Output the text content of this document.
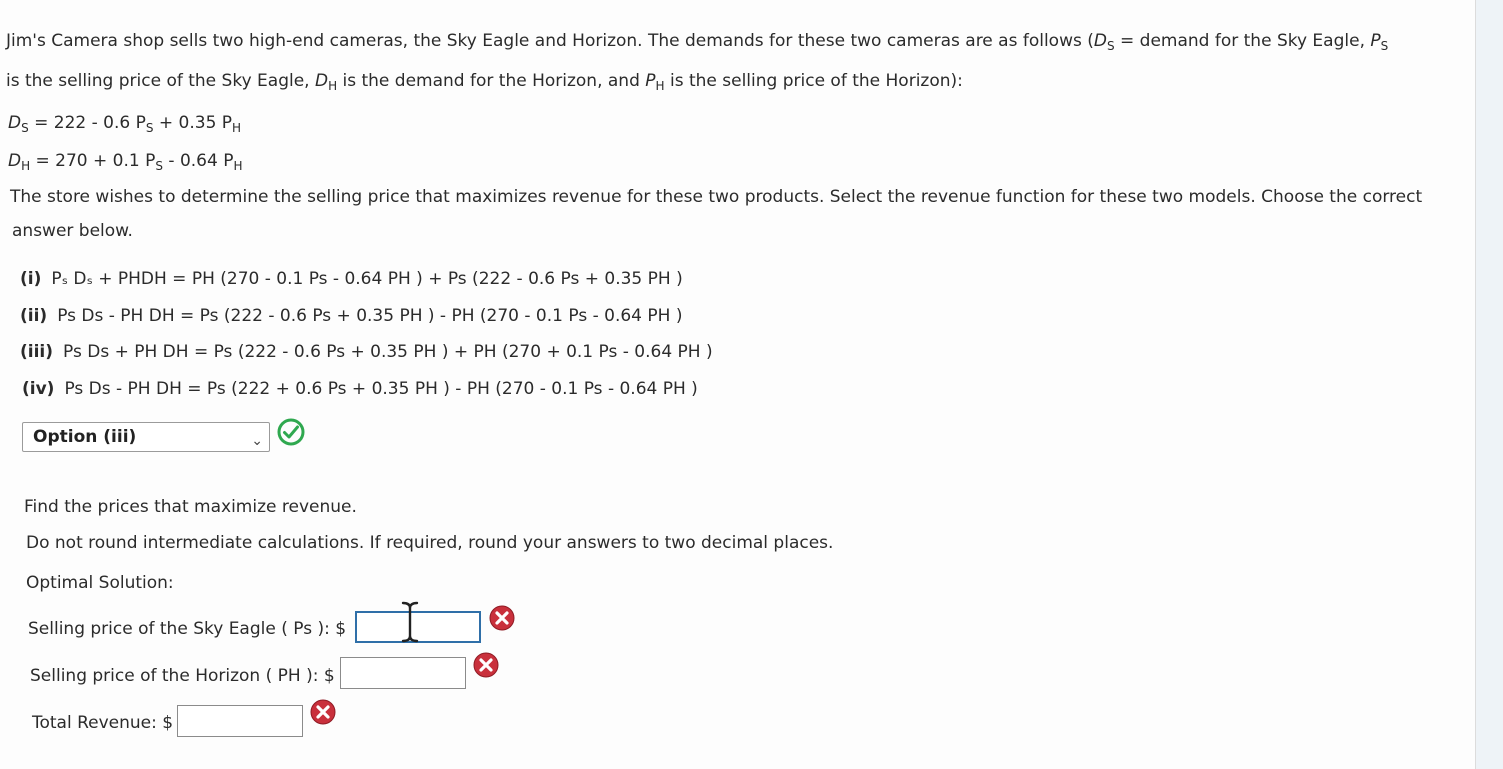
Jim's Camera shop sells two high-end cameras, the Sky Eagle and Horizon. The demands for these two cameras are as follows ($D_S$ = demand for the Sky Eagle, $P_S$
is the selling price of the Sky Eagle, $D_H$ is the demand for the Horizon, and $P_H$ is the selling price of the Horizon):
$D_S = 222 - 0.6$ $P_S + 0.35$ $P_H$
$D_H = 270 + 0.1$ $P_S - 0.64$ $P_H$
The store wishes to determine the selling price that maximizes revenue for these two products. Select the revenue function for these two models. Choose the correct
answer below.
(i) Pₛ Dₛ + PHDH = PH (270 - 0.1 Ps - 0.64 PH ) + Ps (222 - 0.6 Ps + 0.35 PH )
(ii) Ps Ds - PH DH = Ps (222 - 0.6 Ps + 0.35 PH ) - PH (270 - 0.1 Ps - 0.64 PH )
(iii) Ps Ds + PH DH = Ps (222 - 0.6 Ps + 0.35 PH ) + PH (270 + 0.1 Ps - 0.64 PH )
(iv) Ps Ds - PH DH = Ps (222 + 0.6 Ps + 0.35 PH ) - PH (270 - 0.1 Ps - 0.64 PH )
Option (iii)	⌄
Find the prices that maximize revenue.
Do not round intermediate calculations. If required, round your answers to two decimal places.
Optimal Solution:
Selling price of the Sky Eagle ( Ps ): $
Selling price of the Horizon ( PH ): $
Total Revenue: $
